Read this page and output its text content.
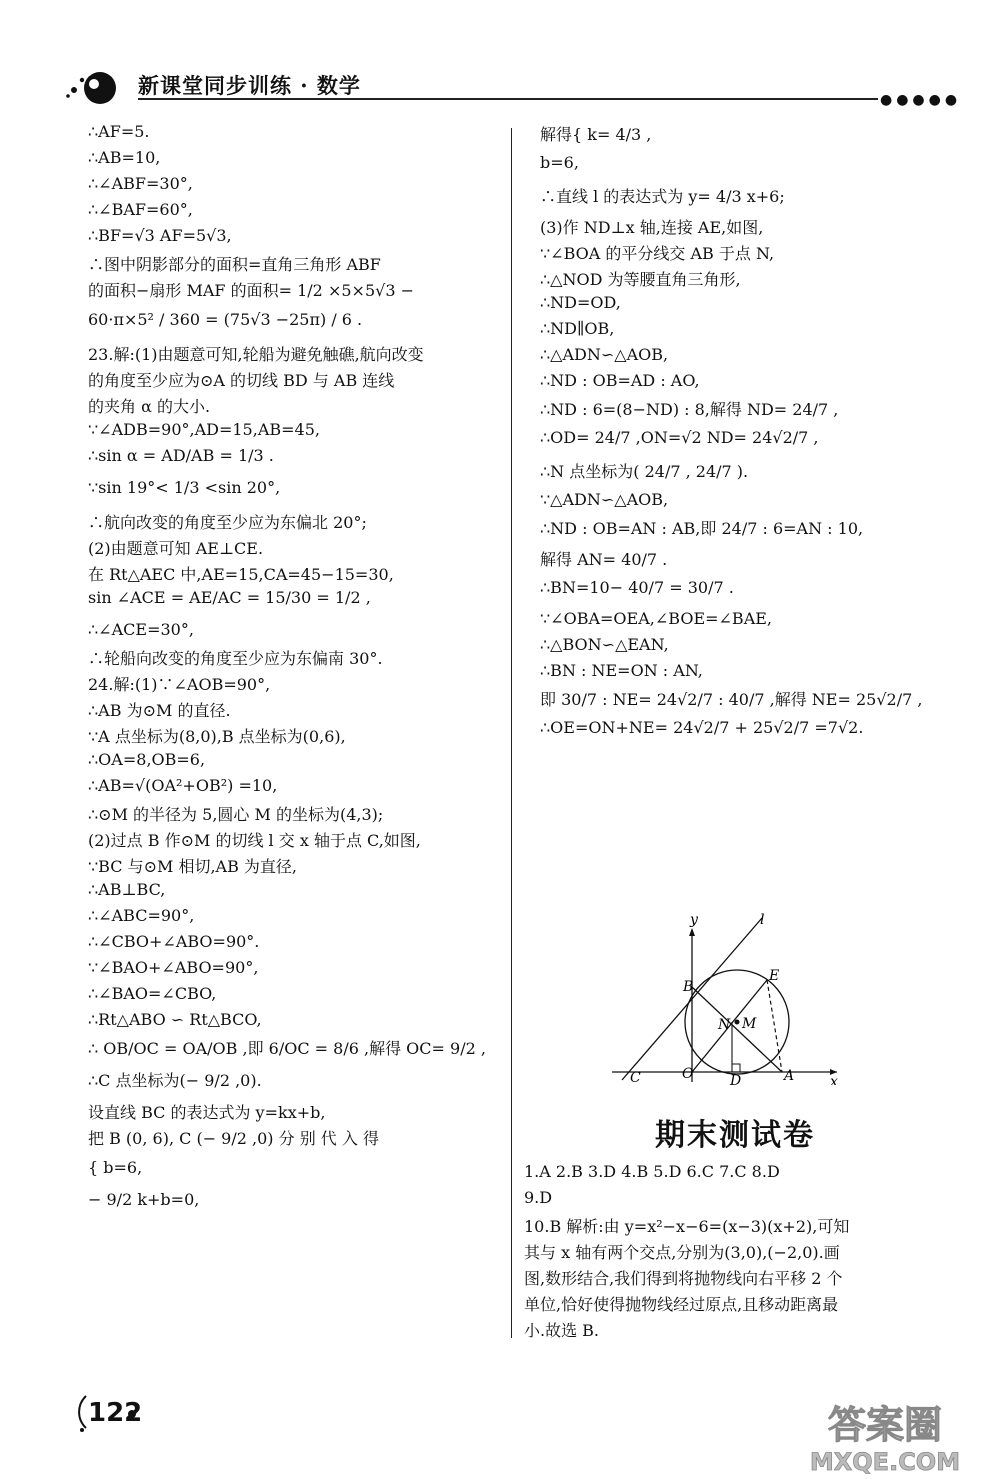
新课堂同步训练 · 数学
●●●●●
∴AF=5.
∴AB=10,
∴∠ABF=30°,
∴∠BAF=60°,
∴BF=√3 AF=5√3,
∴图中阴影部分的面积=直角三角形 ABF
的面积−扇形 MAF 的面积= 1/2 ×5×5√3 −
60·π×5² / 360 = (75√3 −25π) / 6 .
23.解:(1)由题意可知,轮船为避免触礁,航向改变
的角度至少应为⊙A 的切线 BD 与 AB 连线
的夹角 α 的大小.
∵∠ADB=90°,AD=15,AB=45,
∴sin α = AD/AB = 1/3 .
∵sin 19°< 1/3 <sin 20°,
∴航向改变的角度至少应为东偏北 20°;
(2)由题意可知 AE⊥CE.
在 Rt△AEC 中,AE=15,CA=45−15=30,
sin ∠ACE = AE/AC = 15/30 = 1/2 ,
∴∠ACE=30°,
∴轮船向改变的角度至少应为东偏南 30°.
24.解:(1)∵∠AOB=90°,
∴AB 为⊙M 的直径.
∵A 点坐标为(8,0),B 点坐标为(0,6),
∴OA=8,OB=6,
∴AB=√(OA²+OB²) =10,
∴⊙M 的半径为 5,圆心 M 的坐标为(4,3);
(2)过点 B 作⊙M 的切线 l 交 x 轴于点 C,如图,
∵BC 与⊙M 相切,AB 为直径,
∴AB⊥BC,
∴∠ABC=90°,
∴∠CBO+∠ABO=90°.
∵∠BAO+∠ABO=90°,
∴∠BAO=∠CBO,
∴Rt△ABO ∽ Rt△BCO,
∴ OB/OC = OA/OB ,即 6/OC = 8/6 ,解得 OC= 9/2 ,
∴C 点坐标为(− 9/2 ,0).
设直线 BC 的表达式为 y=kx+b,
把 B (0, 6), C (− 9/2 ,0) 分 别 代 入 得
{ b=6,
− 9/2 k+b=0,
解得{ k= 4/3 ,
b=6,
∴直线 l 的表达式为 y= 4/3 x+6;
(3)作 ND⊥x 轴,连接 AE,如图,
∵∠BOA 的平分线交 AB 于点 N,
∴△NOD 为等腰直角三角形,
∴ND=OD,
∴ND∥OB,
∴△ADN∽△AOB,
∴ND : OB=AD : AO,
∴ND : 6=(8−ND) : 8,解得 ND= 24/7 ,
∴OD= 24/7 ,ON=√2 ND= 24√2/7 ,
∴N 点坐标为( 24/7 , 24/7 ).
∵△ADN∽△AOB,
∴ND : OB=AN : AB,即 24/7 : 6=AN : 10,
解得 AN= 40/7 .
∴BN=10− 40/7 = 30/7 .
∵∠OBA=OEA,∠BOE=∠BAE,
∴△BON∽△EAN,
∴BN : NE=ON : AN,
即 30/7 : NE= 24√2/7 : 40/7 ,解得 NE= 25√2/7 ,
∴OE=ON+NE= 24√2/7 + 25√2/7 =7√2.
y
x
l
B
E
N M
C	O	D	A
期末测试卷
1.A 2.B 3.D 4.B 5.D 6.C 7.C 8.D
9.D
10.B 解析:由 y=x²−x−6=(x−3)(x+2),可知
其与 x 轴有两个交点,分别为(3,0),(−2,0).画
图,数形结合,我们得到将抛物线向右平移 2 个
单位,恰好使得抛物线经过原点,且移动距离最
小.故选 B.
122	答案圈
MXQE.COM
